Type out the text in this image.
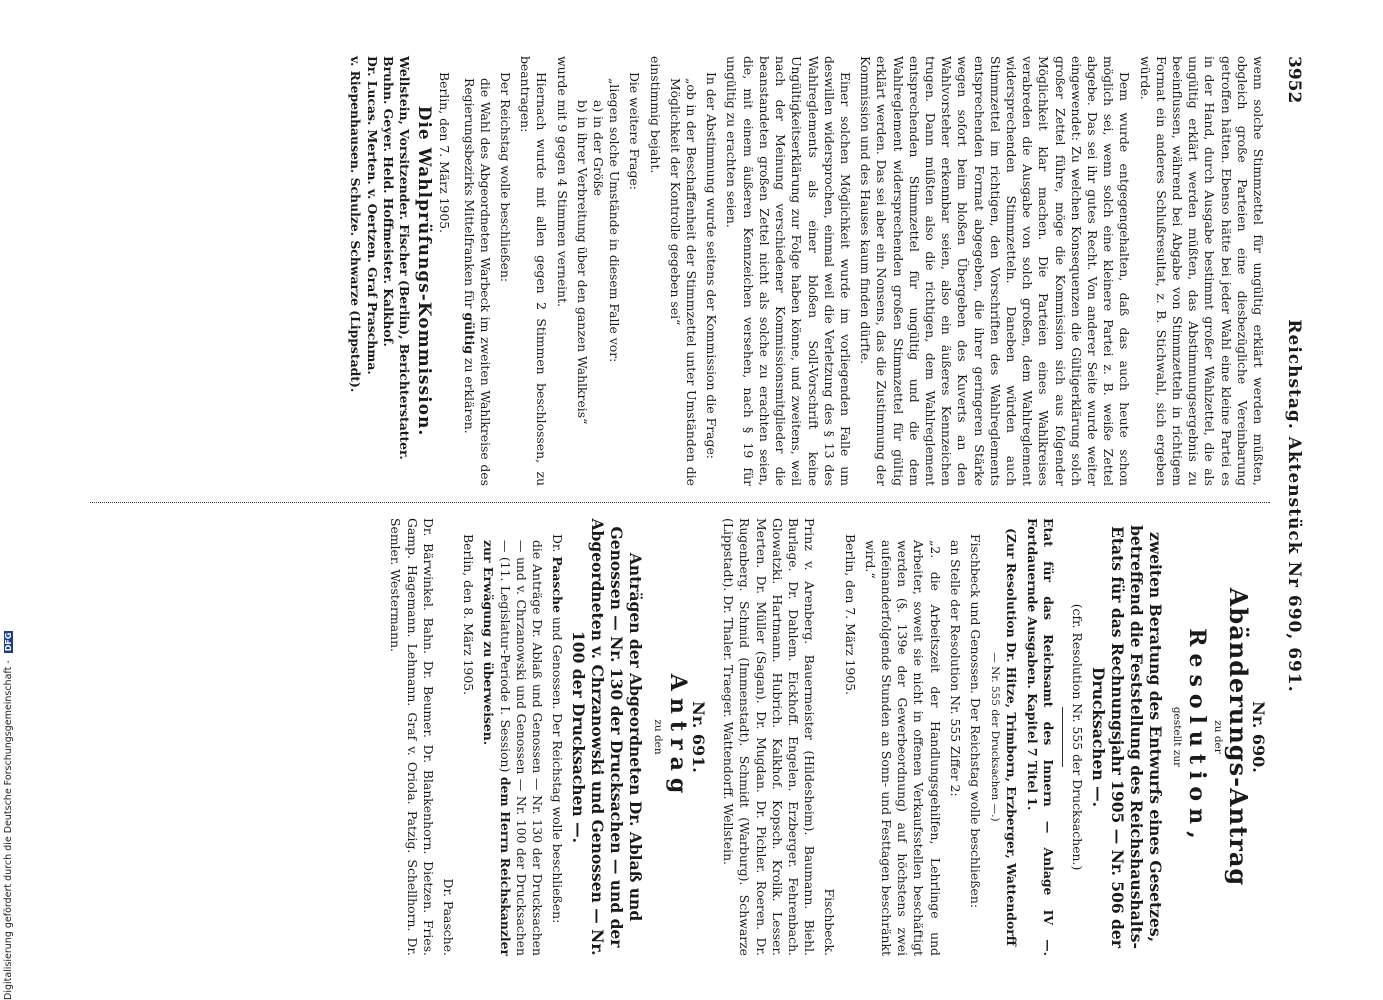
3952
Reichstag. Aktenstück Nr 690, 691.

wenn solche Stimmzettel für ungültig erklärt werden müßten, obgleich große Parteien eine diesbezügliche Vereinbarung getroffen hätten. Ebenso hätte bei jeder Wahl eine kleine Partei es in der Hand, durch Ausgabe bestimmt großer Wahlzettel, die als ungültig erklärt werden müßten, das Abstimmungsergebnis zu beeinflussen, während bei Abgabe von Stimmzetteln in richtigem Format ein anderes Schlußresultat, z. B. Stichwahl, sich ergeben würde.

Dem wurde entgegengehalten, daß das auch heute schon möglich sei, wenn solch eine kleinere Partei z. B. weiße Zettel abgebe. Das sei ihr gutes Recht. Von anderer Seite wurde weiter eingewendet: Zu welchen Konsequenzen die Gültigerklärung solch großer Zettel führe, möge die Kommission sich aus folgender Möglichkeit klar machen. Die Parteien eines Wahlkreises verabreden die Ausgabe von solch großen, dem Wahlreglement widersprechenden Stimmzetteln. Daneben würden auch Stimmzettel im richtigen, den Vorschriften des Wahlreglements entsprechenden Format abgegeben, die ihrer geringeren Stärke wegen sofort beim bloßen Übergeben des Kuverts an den Wahlvorsteher erkennbar seien, also ein äußeres Kennzeichen trugen. Dann müßten also die richtigen, dem Wahlreglement entsprechenden Stimmzettel für ungültig und die dem Wahlreglement widersprechenden großen Stimmzettel für gültig erklärt werden. Das sei aber ein Nonsens, das die Zustimmung der Kommission und des Hauses kaum finden dürfte.

Einer solchen Möglichkeit wurde im vorliegenden Falle um deswillen widersprochen, einmal weil die Verletzung des § 13 des Wahlreglements als einer bloßen Soll-Vorschrift keine Ungültigkeitserklärung zur Folge haben könne, und zweitens, weil nach der Meinung verschiedener Kommissionsmitglieder die beanstandeten großen Zettel nicht als solche zu erachten seien, die, mit einem äußeren Kennzeichen versehen, nach § 19 für ungültig zu erachten seien.

In der Abstimmung wurde seitens der Kommission die Frage:

„ob in der Beschaffenheit der Stimmzettel unter Umständen die Möglichkeit der Kontrolle gegeben sei“

einstimmig bejaht.

Die weitere Frage:

„liegen solche Umstände in diesem Falle vor:

a) in der Größe

b) in ihrer Verbreitung über den ganzen Wahlkreis“

wurde mit 9 gegen 4 Stimmen verneint.

Hiernach wurde mit allen gegen 2 Stimmen beschlossen, zu beantragen:

Der Reichstag wolle beschließen:

die Wahl des Abgeordneten Warbeck im zweiten Wahlkreise des Regierungsbezirks Mittelfranken für gültig zu erklären.

Berlin, den 7. März 1905.

Die Wahlprüfungs-Kommission.

Wellstein, Vorsitzender. Fischer (Berlin), Berichterstatter.

Bruhn. Geyer. Held. Hoffmeister. Kalkhof.

Dr. Lucas. Merten. v. Oertzen. Graf Praschma.

v. Riepenhausen. Schulze. Schwarze (Lippstadt).

Nr. 690.

Abänderungs-Antrag

zu der

Resolution,

gestellt zur

zweiten Beratung des Entwurfs eines Gesetzes, betreffend die Feststellung des Reichshaushalts-Etats für das Rechnungsjahr 1905 — Nr. 506 der Drucksachen —.

(cfr. Resolution Nr. 555 der Drucksachen.)

Etat für das Reichsamt des Innern — Anlage IV —. Fortdauernde Ausgaben. Kapitel 7 Titel 1.

(Zur Resolution Dr. Hitze, Trimborn, Erzberger, Wattendorff

— Nr. 555 der Drucksachen —.)

Fischbeck und Genossen. Der Reichstag wolle beschließen:

an Stelle der Resolution Nr. 555 Ziffer 2:

„2. die Arbeitszeit der Handlungsgehilfen, Lehrlinge und Arbeiter, soweit sie nicht in offenen Verkaufsstellen beschäftigt werden (§. 139e der Gewerbeordnung) auf höchstens zwei aufeinanderfolgende Stunden an Sonn- und Festtagen beschränkt wird.“

Berlin, den 7. März 1905.

Fischbeck.

Prinz v. Arenberg. Bauermeister (Hildesheim). Baumann. Biehl. Burlage. Dr. Dahlem. Eickhoff. Engelen. Erzberger. Fehrenbach. Glowatzki. Hartmann. Hubrich. Kalkhof. Kopsch. Krolik. Lesser. Merten. Dr. Müller (Sagan). Dr. Mugdan. Dr. Pichler. Roeren. Dr. Rugenberg. Schmid (Immenstadt). Schmidt (Warburg). Schwarze (Lippstadt). Dr. Thaler. Traeger. Wattendorff. Wellstein.

Nr. 691.

Antrag

zu den

Anträgen der Abgeordneten Dr. Ablaß und Genossen — Nr. 130 der Drucksachen — und der Abgeordneten v. Chrzanowski und Genossen — Nr. 100 der Drucksachen —.

Dr. Paasche und Genossen. Der Reichstag wolle beschließen:

die Anträge Dr. Ablaß und Genossen — Nr. 130 der Drucksachen — und v. Chrzanowski und Genossen — Nr. 100 der Drucksachen — (11. Legislatur-Periode I. Session) dem Herrn Reichskanzler zur Erwägung zu überweisen.

Berlin, den 8. März 1905.

Dr. Paasche.

Dr. Bärwinkel. Bahn. Dr. Beumer. Dr. Blankenhorn. Dietzen. Fries. Gamp. Hagemann. Lehmann. Graf v. Oriola. Patzig. Schellhorn. Dr. Semler. Westermann.

Digitalisierung gefördert durch die Deutsche Forschungsgemeinschaft - DFG
